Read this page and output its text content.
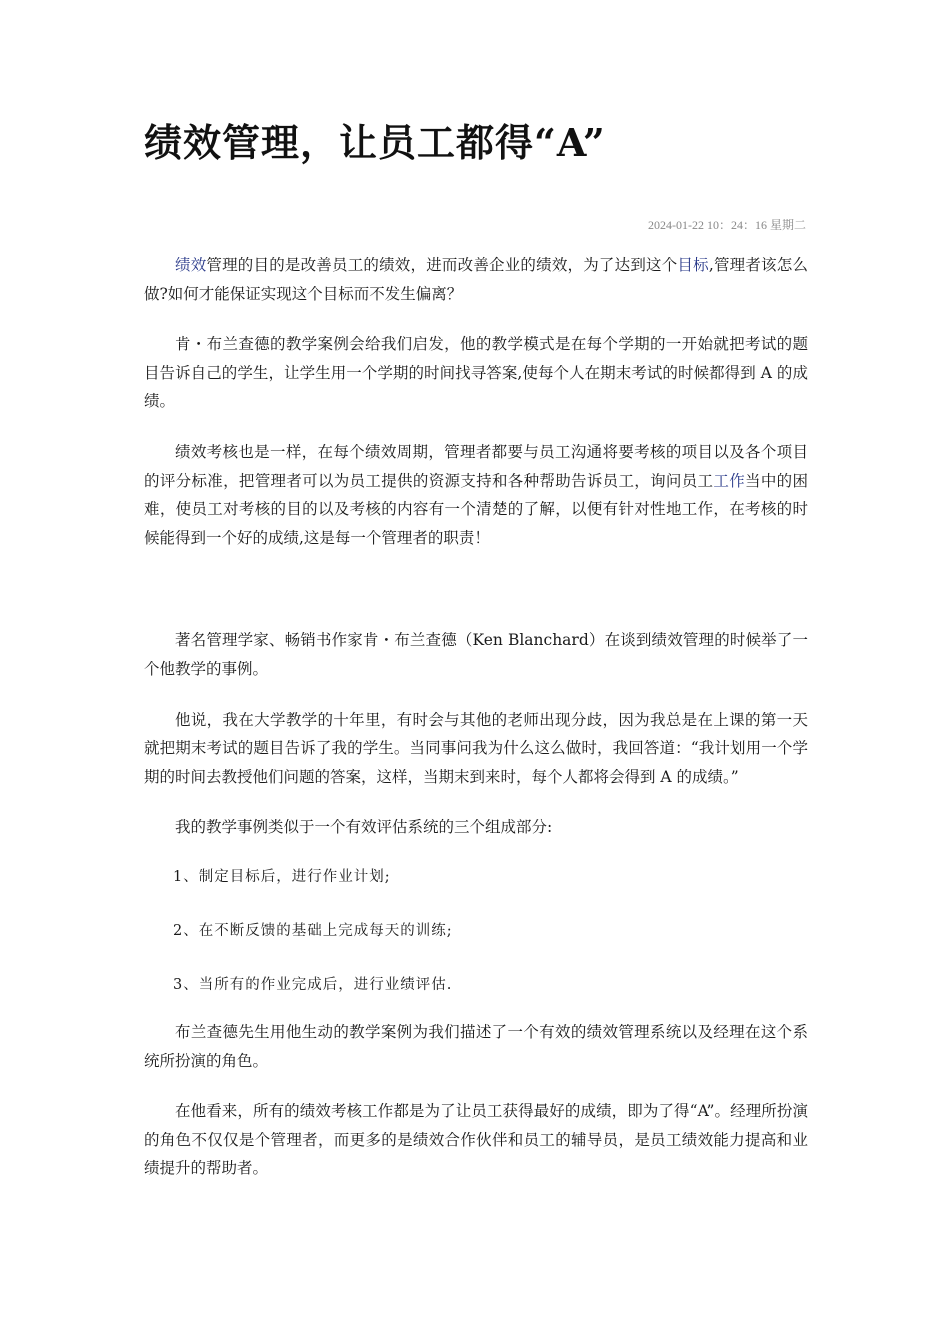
绩效管理，让员工都得“A”
2024-01-22 10：24：16 星期二

绩效管理的目的是改善员工的绩效，进而改善企业的绩效，为了达到这个目标,管理者该怎么做?如何才能保证实现这个目标而不发生偏离？

肯・布兰查德的教学案例会给我们启发，他的教学模式是在每个学期的一开始就把考试的题目告诉自己的学生，让学生用一个学期的时间找寻答案,使每个人在期末考试的时候都得到 A 的成绩。

绩效考核也是一样，在每个绩效周期，管理者都要与员工沟通将要考核的项目以及各个项目的评分标准，把管理者可以为员工提供的资源支持和各种帮助告诉员工，询问员工工作当中的困难，使员工对考核的目的以及考核的内容有一个清楚的了解，以便有针对性地工作，在考核的时候能得到一个好的成绩,这是每一个管理者的职责！

著名管理学家、畅销书作家肯・布兰查德（Ken Blanchard）在谈到绩效管理的时候举了一个他教学的事例。

他说，我在大学教学的十年里，有时会与其他的老师出现分歧，因为我总是在上课的第一天就把期末考试的题目告诉了我的学生。当同事问我为什么这么做时，我回答道：“我计划用一个学期的时间去教授他们问题的答案，这样，当期末到来时，每个人都将会得到 A 的成绩。”

我的教学事例类似于一个有效评估系统的三个组成部分:

1、制定目标后，进行作业计划;

2、在不断反馈的基础上完成每天的训练;

3、当所有的作业完成后，进行业绩评估.

布兰查德先生用他生动的教学案例为我们描述了一个有效的绩效管理系统以及经理在这个系统所扮演的角色。

在他看来，所有的绩效考核工作都是为了让员工获得最好的成绩，即为了得“A”。经理所扮演的角色不仅仅是个管理者，而更多的是绩效合作伙伴和员工的辅导员，是员工绩效能力提高和业绩提升的帮助者。
